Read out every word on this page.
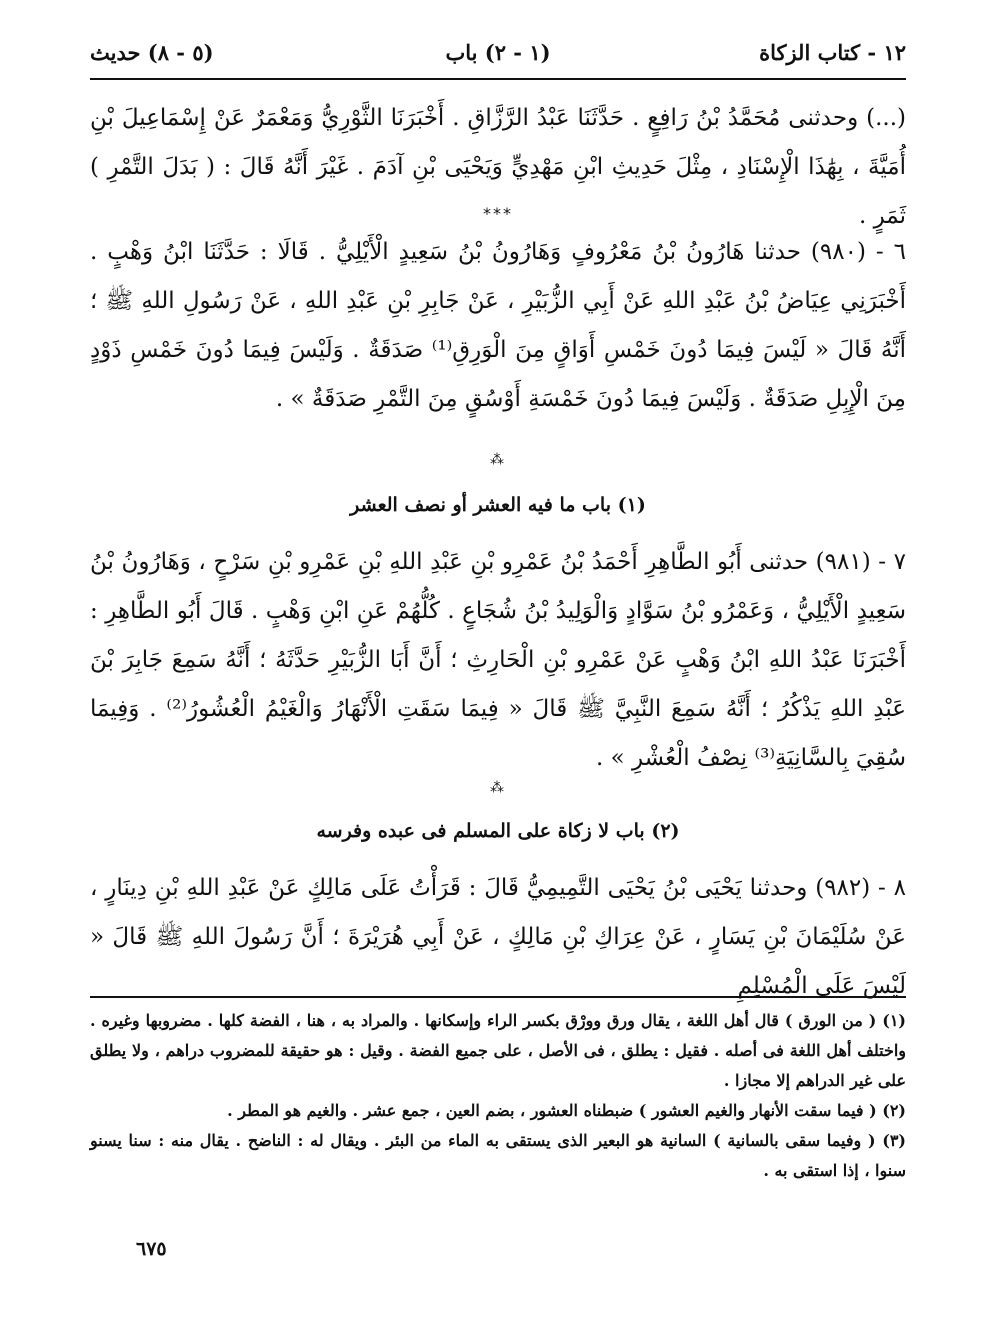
١٢ - كتاب الزكاة
(١ - ٢) باب
(٥ - ٨) حديث

(...) وحدثنى مُحَمَّدُ بْنُ رَافِعٍ . حَدَّثَنَا عَبْدُ الرَّزَّاقِ . أَخْبَرَنَا الثَّوْرِيُّ وَمَعْمَرٌ عَنْ إِسْمَاعِيلَ بْنِ أُمَيَّةَ ، بِهَٰذَا الْإِسْنَادِ ، مِثْلَ حَدِيثِ ابْنِ مَهْدِيٍّ وَيَحْيَى بْنِ آدَمَ . غَيْرَ أَنَّهُ قَالَ : ( بَدَلَ التَّمْرِ ) ثَمَرٍ .

***

٦ - (٩٨٠) حدثنا هَارُونُ بْنُ مَعْرُوفٍ وَهَارُونُ بْنُ سَعِيدٍ الْأَيْلِيُّ . قَالَا : حَدَّثَنَا ابْنُ وَهْبٍ . أَخْبَرَنِي عِيَاضُ بْنُ عَبْدِ اللهِ عَنْ أَبِي الزُّبَيْرِ ، عَنْ جَابِرِ بْنِ عَبْدِ اللهِ ، عَنْ رَسُولِ اللهِ ﷺ ؛ أَنَّهُ قَالَ « لَيْسَ فِيمَا دُونَ خَمْسِ أَوَاقٍ مِنَ الْوَرِقِ⁽¹⁾ صَدَقَةٌ . وَلَيْسَ فِيمَا دُونَ خَمْسِ ذَوْدٍ مِنَ الْإِبِلِ صَدَقَةٌ . وَلَيْسَ فِيمَا دُونَ خَمْسَةِ أَوْسُقٍ مِنَ التَّمْرِ صَدَقَةٌ » .

⁂
(١) باب ما فيه العشر أو نصف العشر

٧ - (٩٨١) حدثنى أَبُو الطَّاهِرِ أَحْمَدُ بْنُ عَمْرِو بْنِ عَبْدِ اللهِ بْنِ عَمْرِو بْنِ سَرْحٍ ، وَهَارُونُ بْنُ سَعِيدٍ الْأَيْلِيُّ ، وَعَمْرُو بْنُ سَوَّادٍ وَالْوَلِيدُ بْنُ شُجَاعٍ . كُلُّهُمْ عَنِ ابْنِ وَهْبٍ . قَالَ أَبُو الطَّاهِرِ : أَخْبَرَنَا عَبْدُ اللهِ ابْنُ وَهْبٍ عَنْ عَمْرِو بْنِ الْحَارِثِ ؛ أَنَّ أَبَا الزُّبَيْرِ حَدَّثَهُ ؛ أَنَّهُ سَمِعَ جَابِرَ بْنَ عَبْدِ اللهِ يَذْكُرُ ؛ أَنَّهُ سَمِعَ النَّبِيَّ ﷺ قَالَ « فِيمَا سَقَتِ الْأَنْهَارُ وَالْغَيْمُ الْعُشُورُ⁽²⁾ . وَفِيمَا سُقِيَ بِالسَّانِيَةِ⁽³⁾ نِصْفُ الْعُشْرِ » .

⁂
(٢) باب لا زكاة على المسلم فى عبده وفرسه

٨ - (٩٨٢) وحدثنا يَحْيَى بْنُ يَحْيَى التَّمِيمِيُّ قَالَ : قَرَأْتُ عَلَى مَالِكٍ عَنْ عَبْدِ اللهِ بْنِ دِينَارٍ ، عَنْ سُلَيْمَانَ بْنِ يَسَارٍ ، عَنْ عِرَاكِ بْنِ مَالِكٍ ، عَنْ أَبِي هُرَيْرَةَ ؛ أَنَّ رَسُولَ اللهِ ﷺ قَالَ « لَيْسَ عَلَى الْمُسْلِمِ

(١) ( من الورق ) قال أهل اللغة ، يقال ورق وورْق بكسر الراء وإسكانها . والمراد به ، هنا ، الفضة كلها . مضروبها وغيره . واختلف أهل اللغة فى أصله . فقيل : يطلق ، فى الأصل ، على جميع الفضة . وقيل : هو حقيقة للمضروب دراهم ، ولا يطلق على غير الدراهم إلا مجازا .

(٢) ( فيما سقت الأنهار والغيم العشور ) ضبطناه العشور ، بضم العين ، جمع عشر . والغيم هو المطر .

(٣) ( وفيما سقى بالسانية ) السانية هو البعير الذى يستقى به الماء من البئر . ويقال له : الناضح . يقال منه : سنا يسنو سنوا ، إذا استقى به .

٦٧٥
